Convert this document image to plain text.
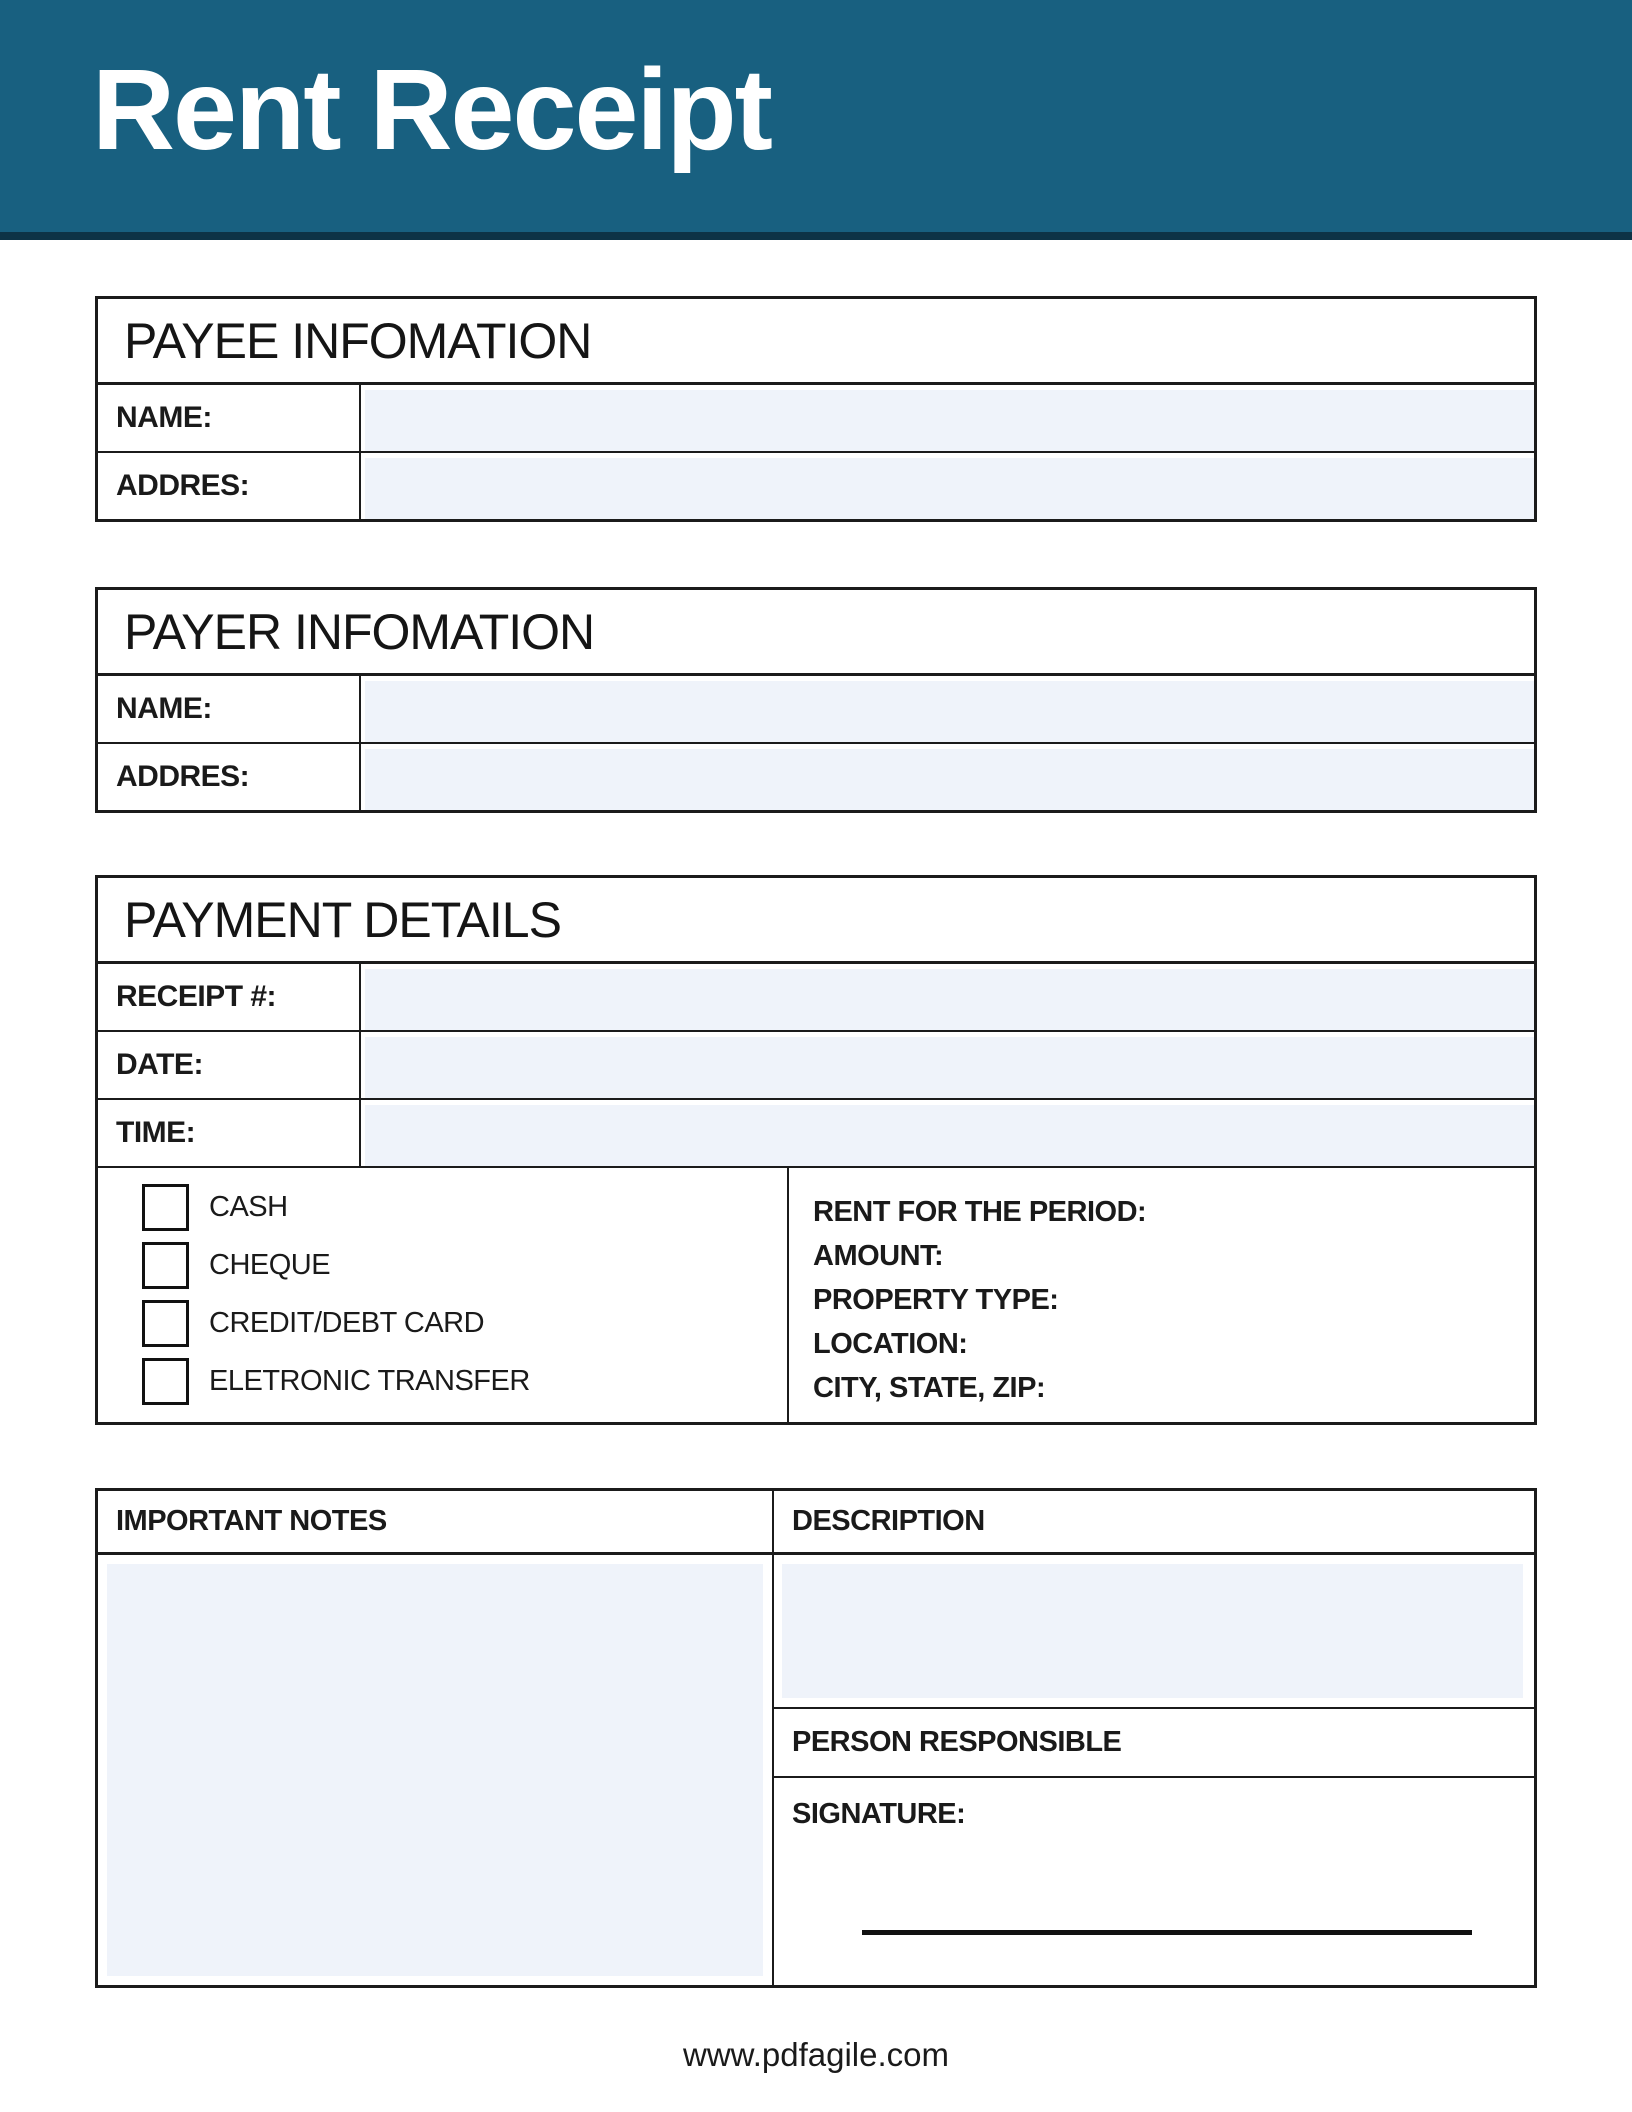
Rent Receipt
PAYEE INFOMATION
NAME:
ADDRES:
PAYER INFOMATION
NAME:
ADDRES:
PAYMENT DETAILS
RECEIPT #:
DATE:
TIME:
CASH
CHEQUE
CREDIT/DEBT CARD
ELETRONIC TRANSFER
RENT FOR THE PERIOD:
AMOUNT:
PROPERTY TYPE:
LOCATION:
CITY, STATE, ZIP:
IMPORTANT NOTES	DESCRIPTION
PERSON RESPONSIBLE
SIGNATURE:
www.pdfagile.com
